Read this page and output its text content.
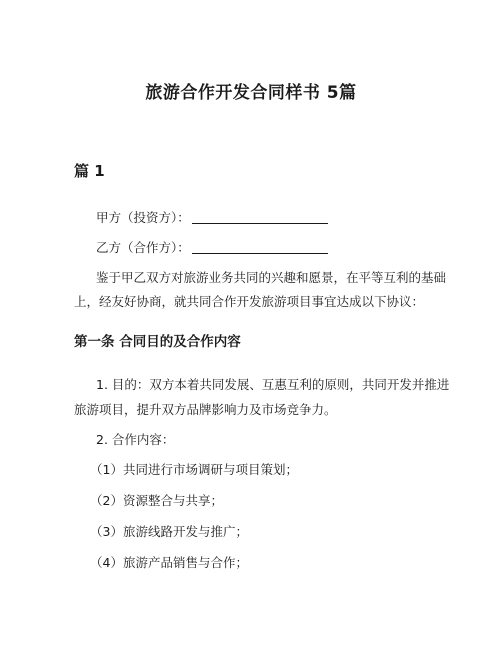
旅游合作开发合同样书 5篇
篇 1
甲方（投资方）：
乙方（合作方）：
鉴于甲乙双方对旅游业务共同的兴趣和愿景，在平等互利的基础
上，经友好协商，就共同合作开发旅游项目事宜达成以下协议：
第一条 合同目的及合作内容
1. 目的：双方本着共同发展、互惠互利的原则，共同开发并推进
旅游项目，提升双方品牌影响力及市场竞争力。
2. 合作内容：
（1）共同进行市场调研与项目策划；
（2）资源整合与共享；
（3）旅游线路开发与推广；
（4）旅游产品销售与合作；
